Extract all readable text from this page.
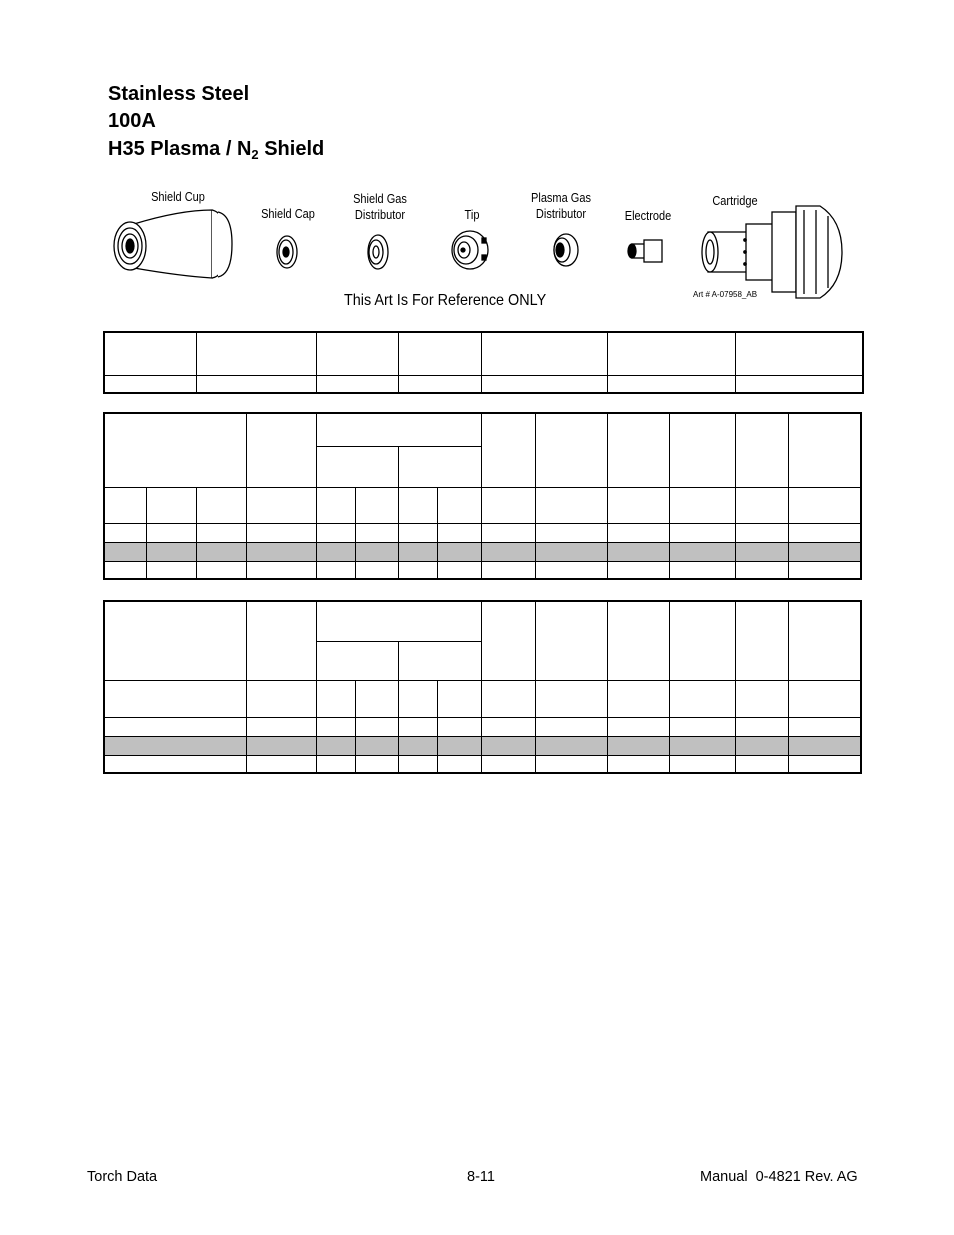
Stainless Steel
100A
H35 Plasma / $N_2$ Shield
Shield Cup
Shield Cap
Shield Gas
Distributor	Tip
Plasma Gas
Distributor	Electrode
Cartridge
This Art Is For Reference ONLY	Art # A-07958_AB

Torch Data	8-11	Manual  0-4821 Rev. AG
